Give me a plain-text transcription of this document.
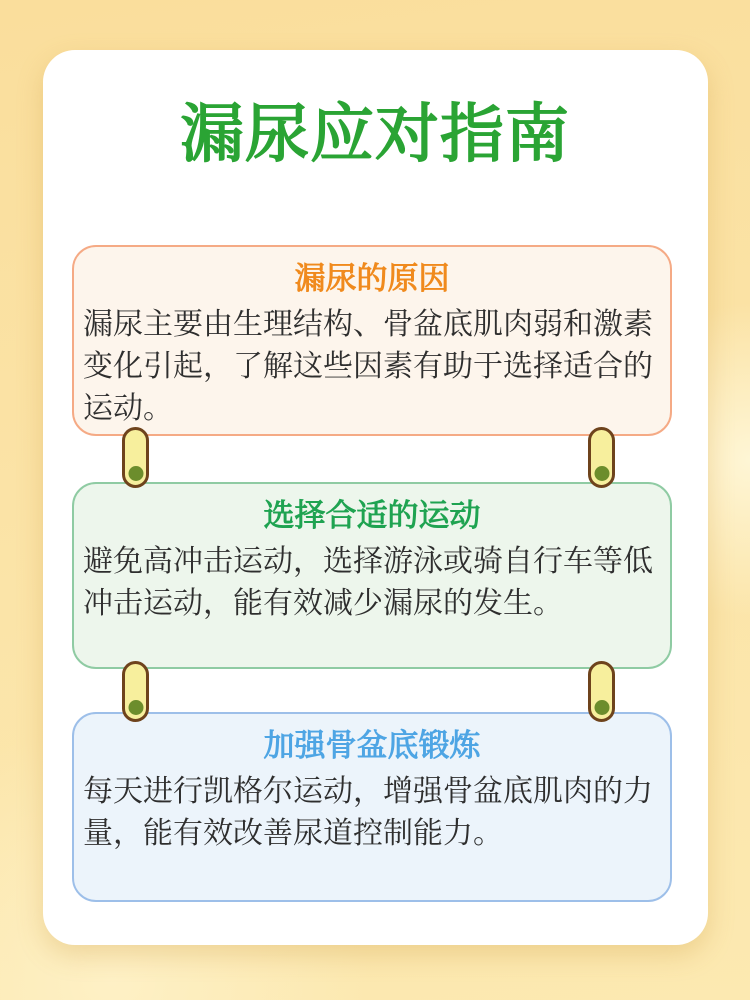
漏尿应对指南
漏尿的原因
漏尿主要由生理结构、骨盆底肌肉弱和激素变化引起，了解这些因素有助于选择适合的运动。
选择合适的运动
避免高冲击运动，选择游泳或骑自行车等低冲击运动，能有效减少漏尿的发生。
加强骨盆底锻炼
每天进行凯格尔运动，增强骨盆底肌肉的力量，能有效改善尿道控制能力。
